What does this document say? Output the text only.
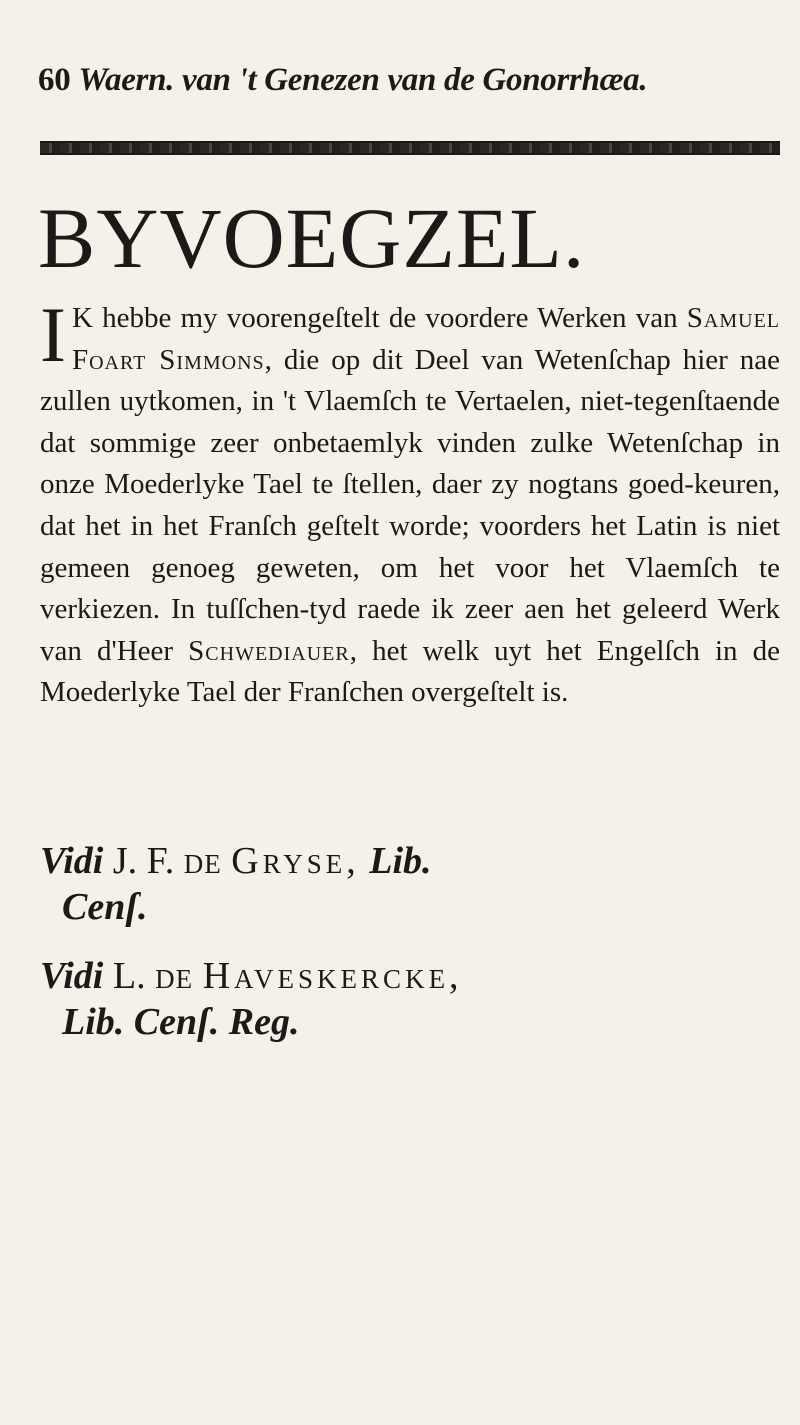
60 Waern. van 't Genezen van de Gonorrhæa.
BYVOEGZEL.
I K hebbe my voorengeſtelt de voordere Werken van Samuel Foart Simmons, die op dit Deel van Wetenſchap hier nae zullen uytkomen, in 't Vlaemſch te Vertaelen, niet-tegenſtaende dat sommige zeer onbetaemlyk vinden zulke Wetenſchap in onze Moederlyke Tael te ſtellen, daer zy nogtans goed-keuren, dat het in het Franſch geſtelt worde; voorders het Latin is niet gemeen genoeg geweten, om het voor het Vlaemſch te verkiezen. In tuſſchen-tyd raede ik zeer aen het geleerd Werk van d'Heer Schwediauer, het welk uyt het Engelſch in de Moederlyke Tael der Franſchen overgeſtelt is.
Vidi J. F. de Gryse, Lib.
Cenſ.
Vidi L. de Haveskercke,
Lib. Cenſ. Reg.
